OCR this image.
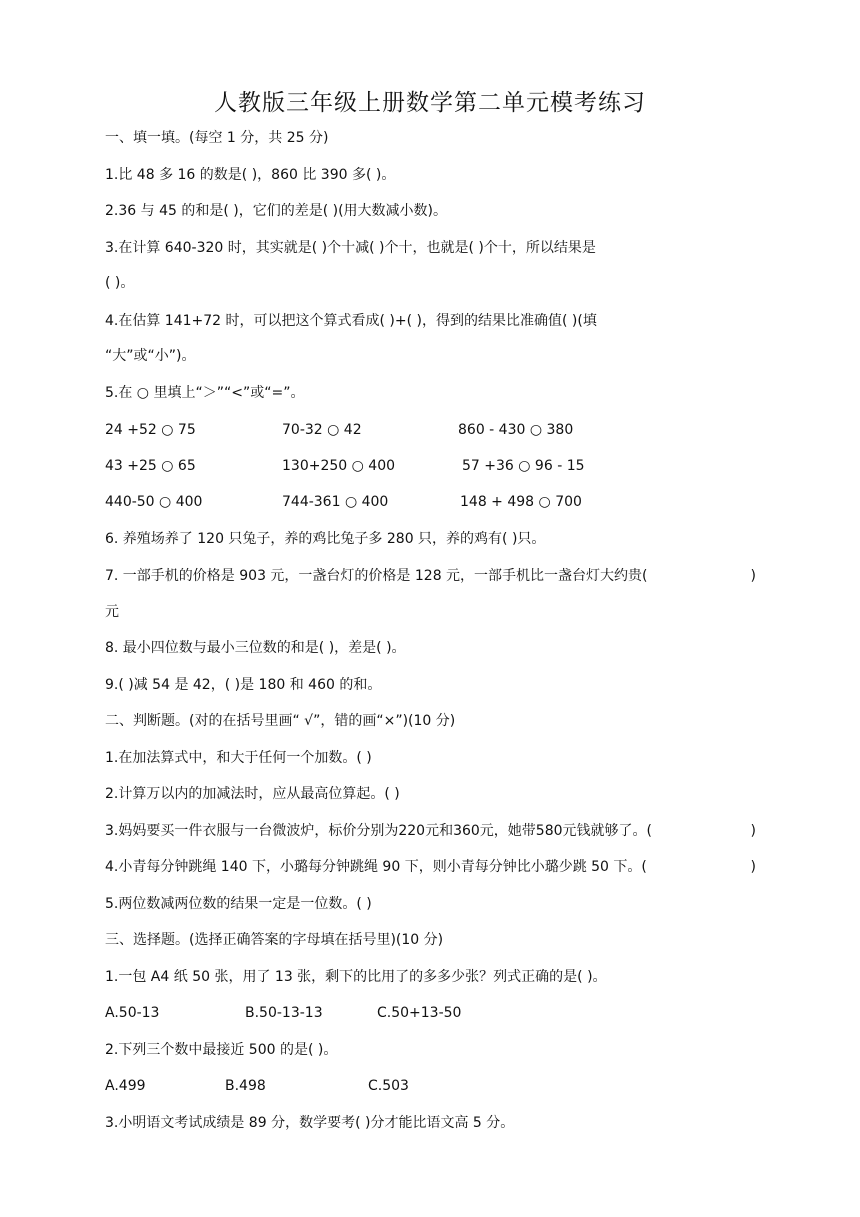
人教版三年级上册数学第二单元模考练习
一、填一填。(每空 1 分，共 25 分)
1.比 48 多 16 的数是( )，860 比 390 多( )。
2.36 与 45 的和是( )，它们的差是( )(用大数减小数)。
3.在计算 640-320 时，其实就是( )个十减( )个十，也就是( )个十，所以结果是
( )。
4.在估算 141+72 时，可以把这个算式看成( )+( )，得到的结果比准确值( )(填
“大”或“小”)。
5.在 ○ 里填上“＞”“<”或“=”。
24 +52 ○ 75	70-32 ○ 42	860 - 430 ○ 380
43 +25 ○ 65	130+250 ○ 400	57 +36 ○ 96 - 15
440-50 ○ 400	744-361 ○ 400	148 + 498 ○ 700
6. 养殖场养了 120 只兔子，养的鸡比兔子多 280 只，养的鸡有( )只。
7. 一部手机的价格是 903 元，一盏台灯的价格是 128 元，一部手机比一盏台灯大约贵(	)
元
8. 最小四位数与最小三位数的和是( )，差是( )。
9.( )减 54 是 42，( )是 180 和 460 的和。
二、判断题。(对的在括号里画“ √”，错的画“×”)(10 分)
1.在加法算式中，和大于任何一个加数。( )
2.计算万以内的加减法时，应从最高位算起。( )
3.妈妈要买一件衣服与一台微波炉，标价分别为220元和360元，她带580元钱就够了。(	)
4.小青每分钟跳绳 140 下，小璐每分钟跳绳 90 下，则小青每分钟比小璐少跳 50 下。(	)
5.两位数减两位数的结果一定是一位数。( )
三、选择题。(选择正确答案的字母填在括号里)(10 分)
1.一包 A4 纸 50 张，用了 13 张，剩下的比用了的多多少张？列式正确的是( )。
A.50-13	B.50-13-13	C.50+13-50
2.下列三个数中最接近 500 的是( )。
A.499	B.498	C.503
3.小明语文考试成绩是 89 分，数学要考( )分才能比语文高 5 分。
